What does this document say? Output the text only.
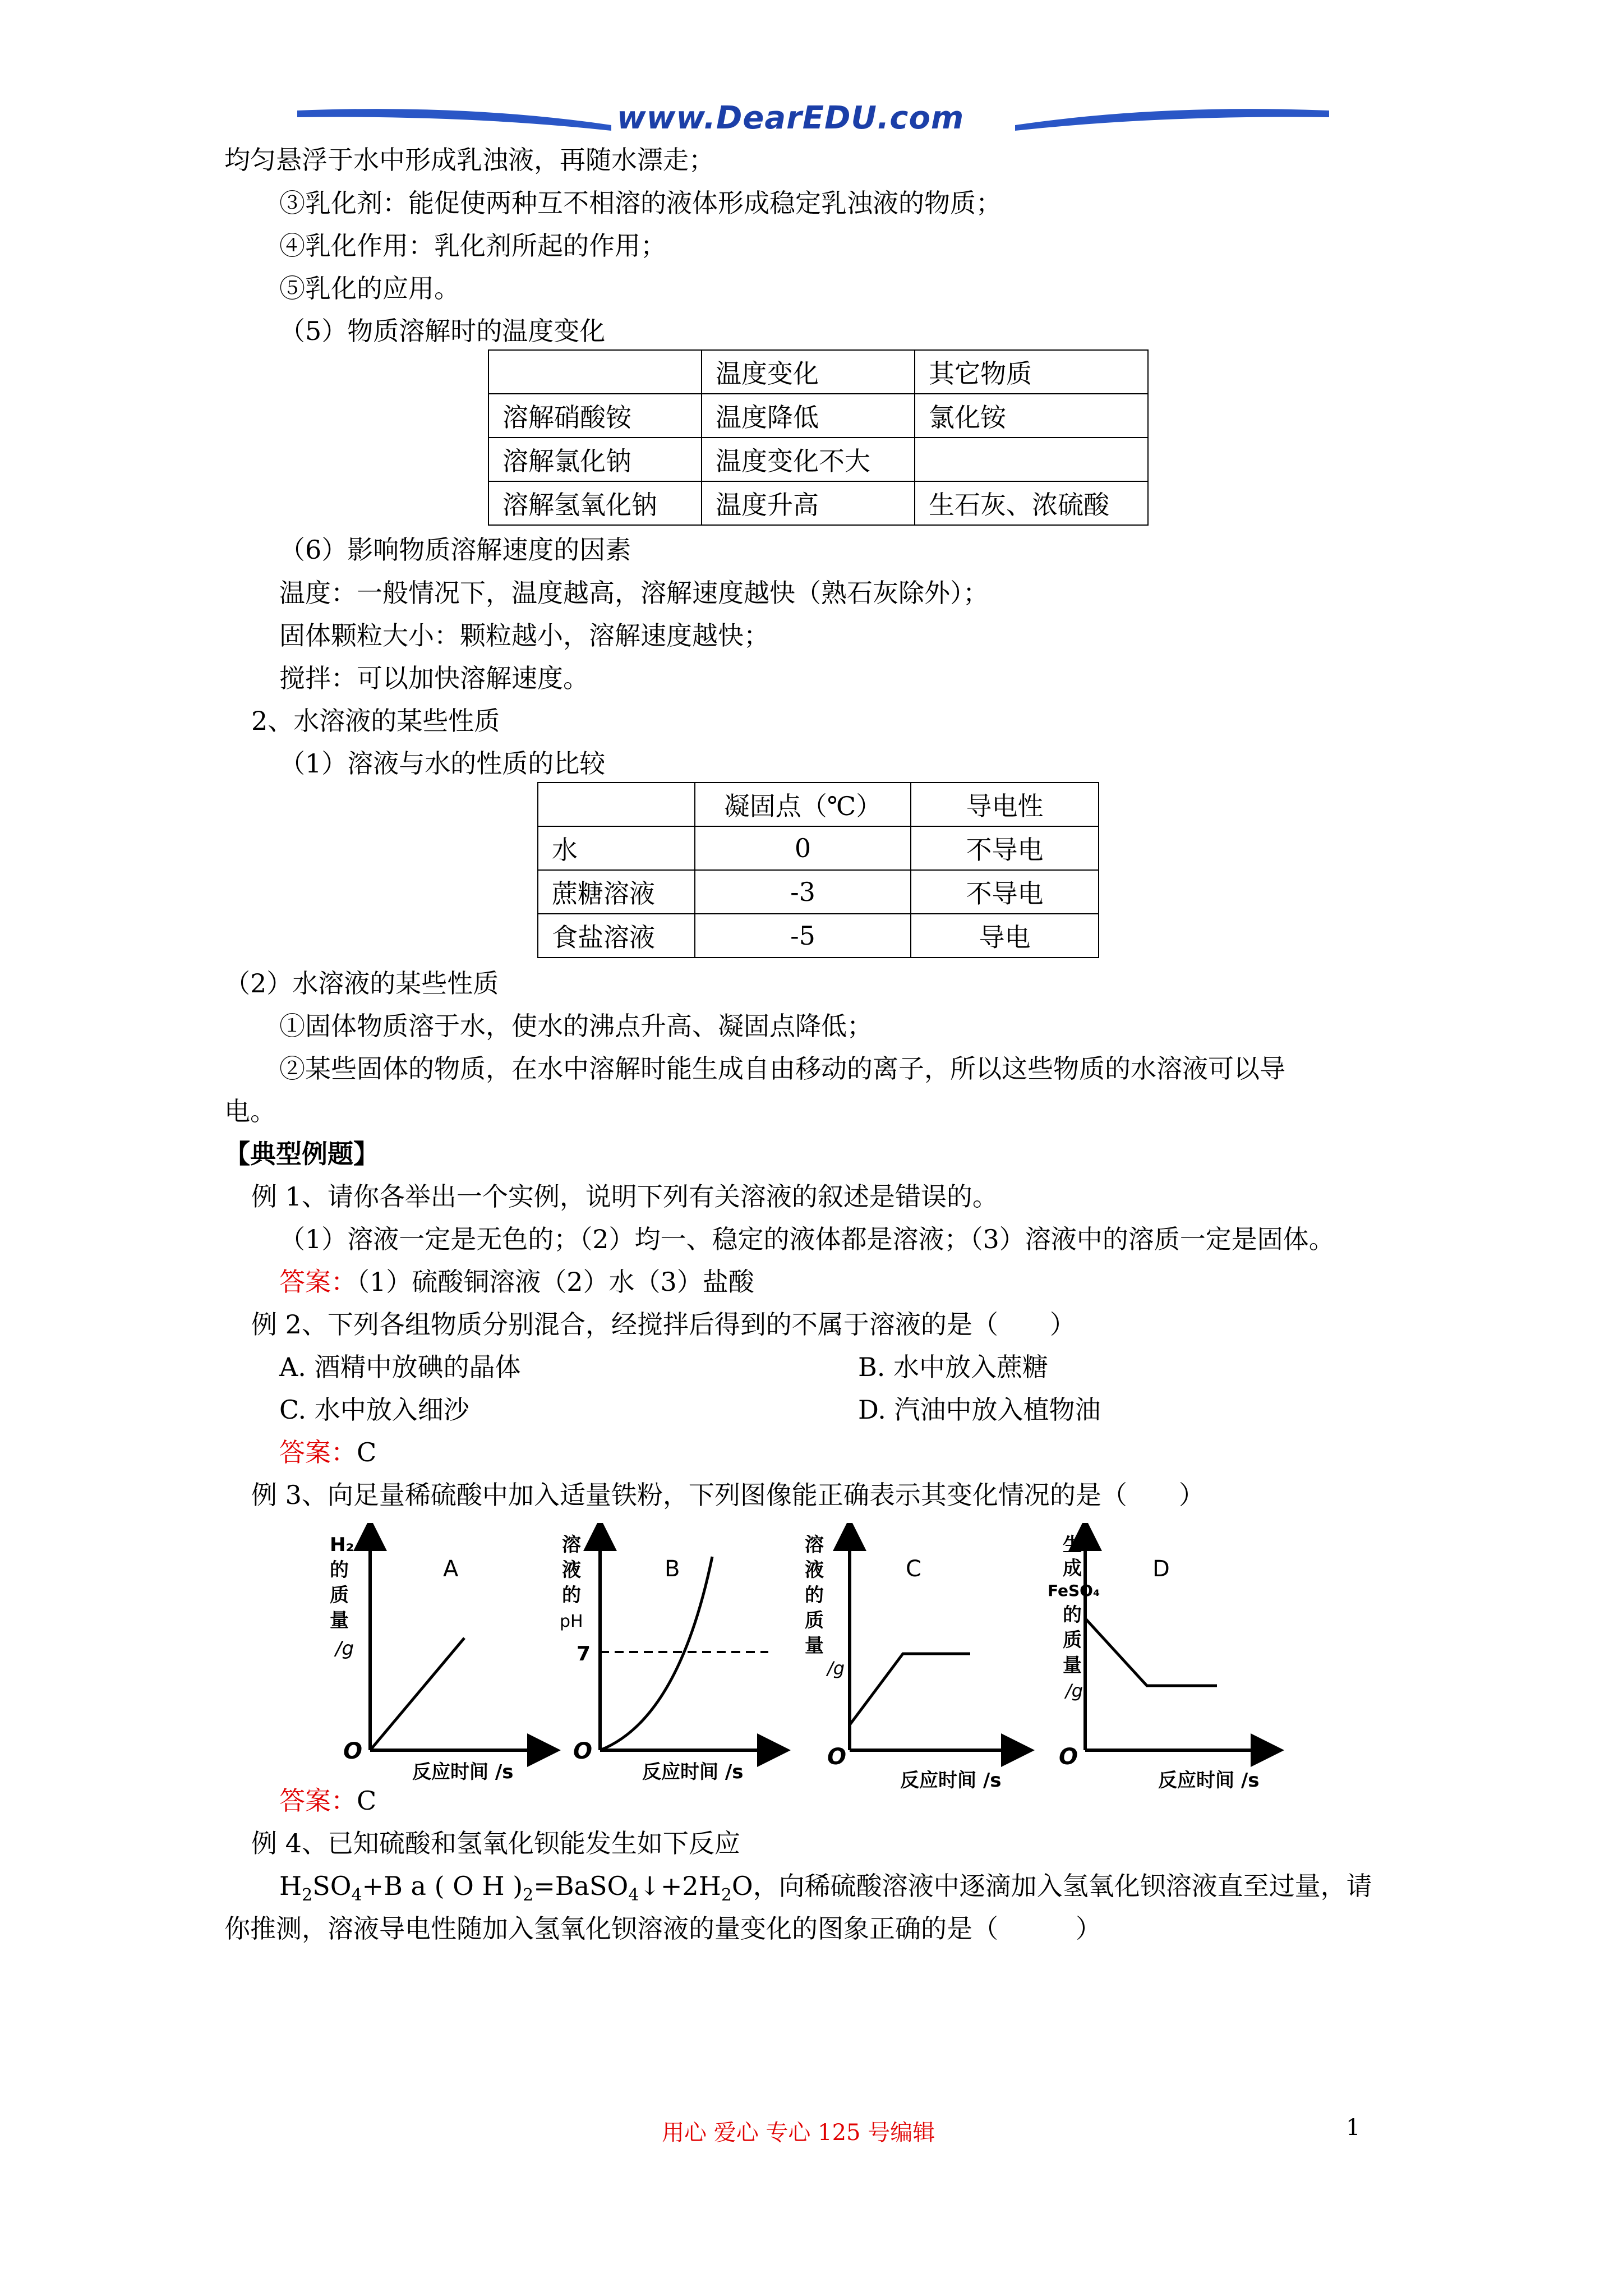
www.DearEDU.com
均匀悬浮于水中形成乳浊液，再随水漂走；
③乳化剂：能促使两种互不相溶的液体形成稳定乳浊液的物质；
④乳化作用：乳化剂所起的作用；
⑤乳化的应用。
（5）物质溶解时的温度变化
	温度变化	其它物质
溶解硝酸铵	温度降低	氯化铵
溶解氯化钠	温度变化不大	
溶解氢氧化钠	温度升高	生石灰、浓硫酸
（6）影响物质溶解速度的因素
温度：一般情况下，温度越高，溶解速度越快（熟石灰除外）；
固体颗粒大小：颗粒越小，溶解速度越快；
搅拌：可以加快溶解速度。
2、水溶液的某些性质
（1）溶液与水的性质的比较
	凝固点（℃）	导电性
水	0	不导电
蔗糖溶液	-3	不导电
食盐溶液	-5	导电
（2）水溶液的某些性质
①固体物质溶于水，使水的沸点升高、凝固点降低；
②某些固体的物质，在水中溶解时能生成自由移动的离子，所以这些物质的水溶液可以导
电。
【典型例题】
例 1、请你各举出一个实例，说明下列有关溶液的叙述是错误的。
（1）溶液一定是无色的；（2）均一、稳定的液体都是溶液；（3）溶液中的溶质一定是固体。
答案：（1）硫酸铜溶液（2）水（3）盐酸
例 2、下列各组物质分别混合，经搅拌后得到的不属于溶液的是（　　）
A. 酒精中放碘的晶体	B. 水中放入蔗糖
C. 水中放入细沙	D. 汽油中放入植物油
答案：C
例 3、向足量稀硫酸中加入适量铁粉，下列图像能正确表示其变化情况的是（　　）
A
H₂
的
质
量
/g
O
反应时间 /s
B
溶
液
的
pH
7
O
反应时间 /s
C
溶
液
的
质
量
/g
O
反应时间 /s
D
生
成
FeSO₄
的
质
量
/g
O
反应时间 /s
答案：C
例 4、已知硫酸和氢氧化钡能发生如下反应
$H_2SO_4+B$ a ( O H )$_2=BaSO_4↓+2H_2O$，向稀硫酸溶液中逐滴加入氢氧化钡溶液直至过量，请
你推测，溶液导电性随加入氢氧化钡溶液的量变化的图象正确的是（　　　）
用心 爱心 专心 125 号编辑	1
